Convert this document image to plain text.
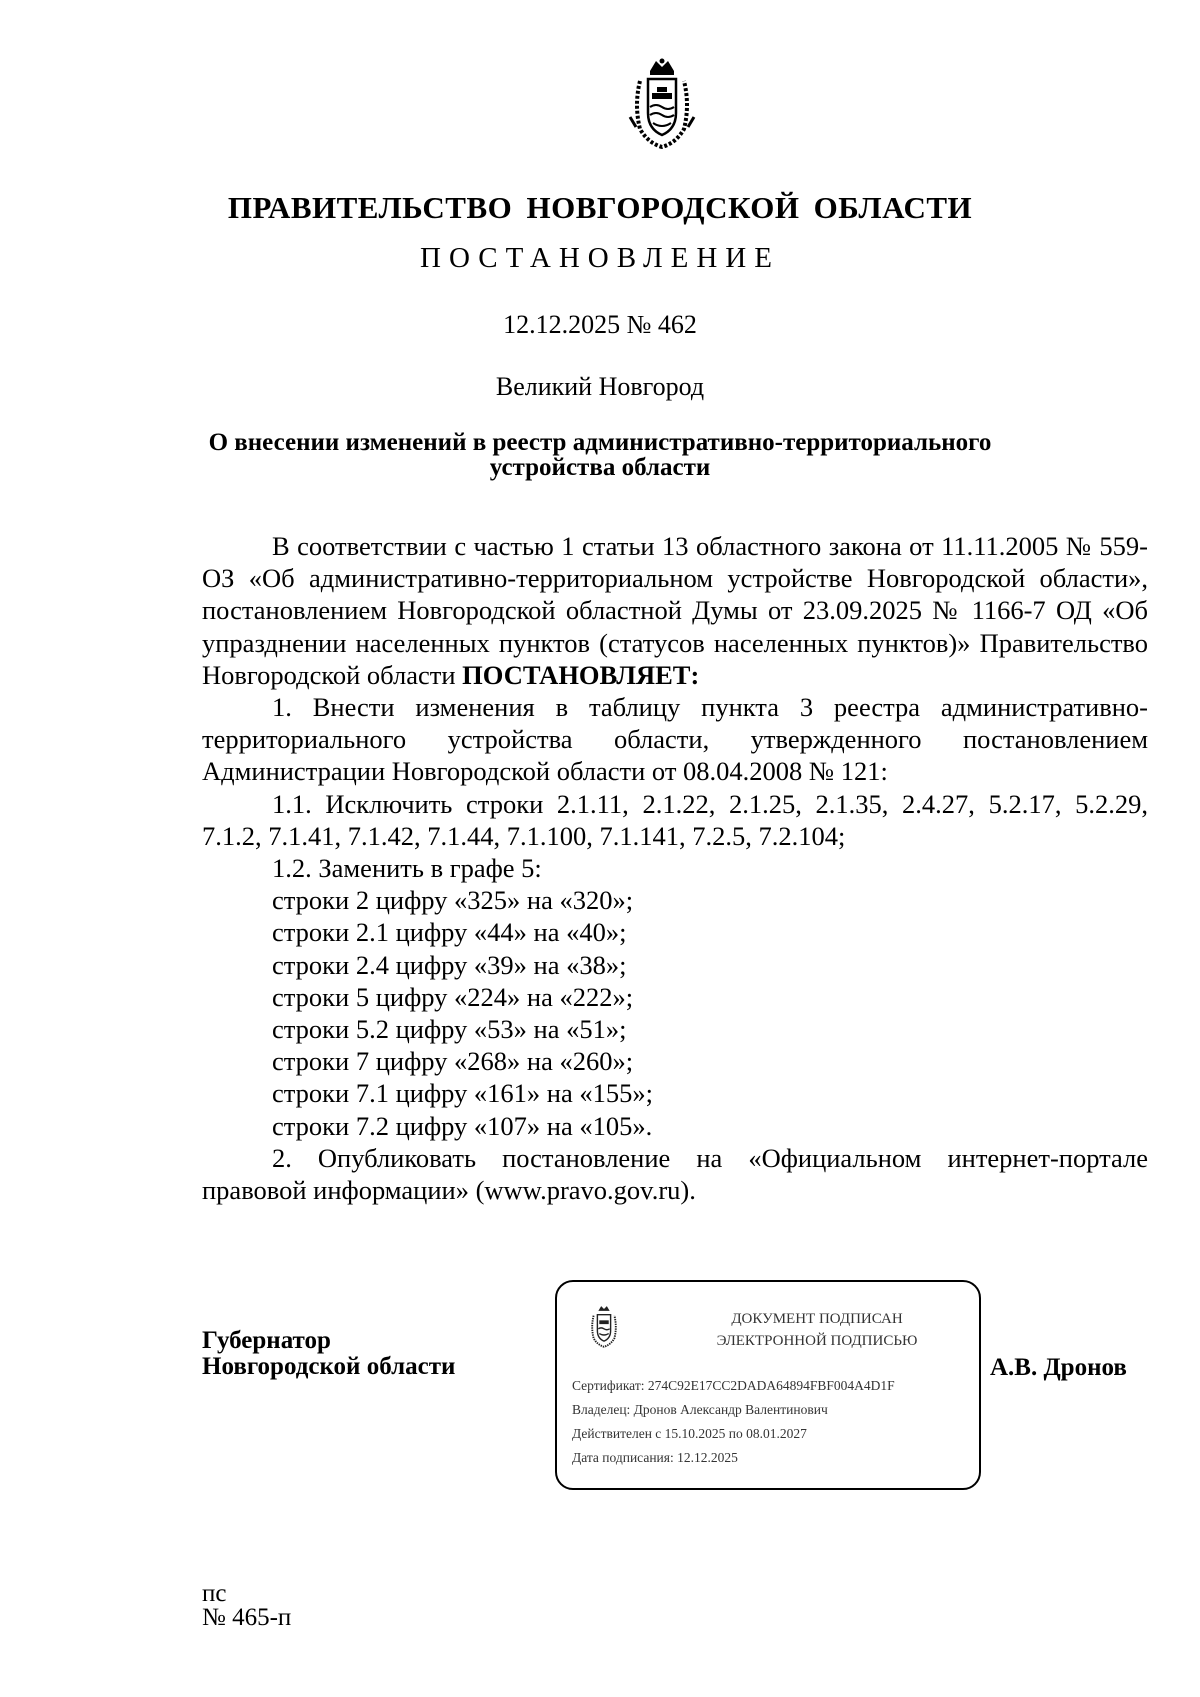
ПРАВИТЕЛЬСТВО НОВГОРОДСКОЙ ОБЛАСТИ
ПОСТАНОВЛЕНИЕ
12.12.2025 № 462
Великий Новгород
О внесении изменений в реестр административно-территориального
устройства области

В соответствии с частью 1 статьи 13 областного закона от 11.11.2005 № 559-ОЗ «Об административно-территориальном устройстве Новгородской области», постановлением Новгородской областной Думы от 23.09.2025 № 1166-7 ОД «Об упразднении населенных пунктов (статусов населенных пунктов)» Правительство Новгородской области ПОСТАНОВЛЯЕТ:

1. Внести изменения в таблицу пункта 3 реестра административно-территориального устройства области, утвержденного постановлением Администрации Новгородской области от 08.04.2008 № 121:

1.1. Исключить строки 2.1.11, 2.1.22, 2.1.25, 2.1.35, 2.4.27, 5.2.17, 5.2.29, 7.1.2, 7.1.41, 7.1.42, 7.1.44, 7.1.100, 7.1.141, 7.2.5, 7.2.104;

1.2. Заменить в графе 5:

строки 2 цифру «325» на «320»;

строки 2.1 цифру «44» на «40»;

строки 2.4 цифру «39» на «38»;

строки 5 цифру «224» на «222»;

строки 5.2 цифру «53» на «51»;

строки 7 цифру «268» на «260»;

строки 7.1 цифру «161» на «155»;

строки 7.2 цифру «107» на «105».

2. Опубликовать постановление на «Официальном интернет-портале правовой информации» (www.pravo.gov.ru).

Губернатор
Новгородской области
ДОКУМЕНТ ПОДПИСАН
ЭЛЕКТРОННОЙ ПОДПИСЬЮ
Сертификат: 274C92E17CC2DADA64894FBF004A4D1F
Владелец: Дронов Александр Валентинович
Действителен с 15.10.2025 по 08.01.2027
Дата подписания: 12.12.2025
А.В. Дронов
пс
№ 465-п
